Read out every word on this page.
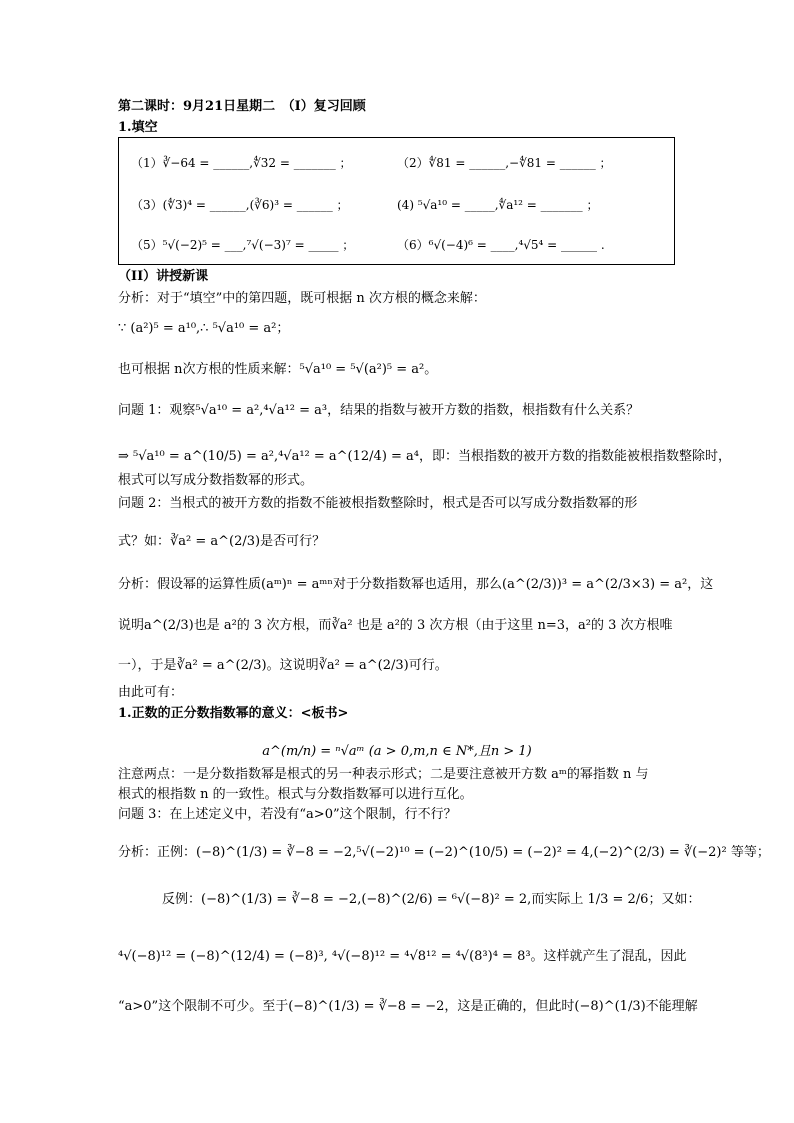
第二课时：9月21日星期二　（I）复习回顾
1.填空
（1）∛−64 = ______,∜32 = _______ ；	（2）∜81 = ______,−∜81 = ______ ；
（3）(∜3)⁴ = ______,(∛6)³ = ______ ；	(4) ⁵√a¹⁰ = _____,∜a¹² = _______ ；
（5）⁵√(−2)⁵ = ___,⁷√(−3)⁷ = _____ ；	（6）⁶√(−4)⁶ = ____,⁴√5⁴ = ______ .
（II）讲授新课
分析：对于“填空”中的第四题，既可根据 n 次方根的概念来解：
∵ (a²)⁵ = a¹⁰,∴ ⁵√a¹⁰ = a²；
也可根据 n次方根的性质来解：⁵√a¹⁰ = ⁵√(a²)⁵ = a²。
问题 1：观察⁵√a¹⁰ = a²,⁴√a¹² = a³，结果的指数与被开方数的指数，根指数有什么关系？
⇒ ⁵√a¹⁰ = a^(10/5) = a²,⁴√a¹² = a^(12/4) = a⁴，即：当根指数的被开方数的指数能被根指数整除时，
根式可以写成分数指数幂的形式。
问题 2：当根式的被开方数的指数不能被根指数整除时，根式是否可以写成分数指数幂的形
式？如：∛a² = a^(2/3)是否可行？
分析：假设幂的运算性质(aᵐ)ⁿ = aᵐⁿ对于分数指数幂也适用，那么(a^(2/3))³ = a^(2/3×3) = a²，这
说明a^(2/3)也是 a²的 3 次方根，而∛a² 也是 a²的 3 次方根（由于这里 n=3，a²的 3 次方根唯
一），于是∛a² = a^(2/3)。这说明∛a² = a^(2/3)可行。
由此可有：
1.正数的正分数指数幂的意义：<板书>
a^(m/n) = ⁿ√aᵐ (a > 0,m,n ∈ N*,且n > 1)
注意两点：一是分数指数幂是根式的另一种表示形式；二是要注意被开方数 aᵐ的幂指数 n 与
根式的根指数 n 的一致性。根式与分数指数幂可以进行互化。
问题 3：在上述定义中，若没有“a>0”这个限制，行不行？
分析：正例：(−8)^(1/3) = ∛−8 = −2,⁵√(−2)¹⁰ = (−2)^(10/5) = (−2)² = 4,(−2)^(2/3) = ∛(−2)² 等等；
反例：(−8)^(1/3) = ∛−8 = −2,(−8)^(2/6) = ⁶√(−8)² = 2,而实际上 1/3 = 2/6；又如：
⁴√(−8)¹² = (−8)^(12/4) = (−8)³, ⁴√(−8)¹² = ⁴√8¹² = ⁴√(8³)⁴ = 8³。这样就产生了混乱，因此
“a>0”这个限制不可少。至于(−8)^(1/3) = ∛−8 = −2，这是正确的，但此时(−8)^(1/3)不能理解
